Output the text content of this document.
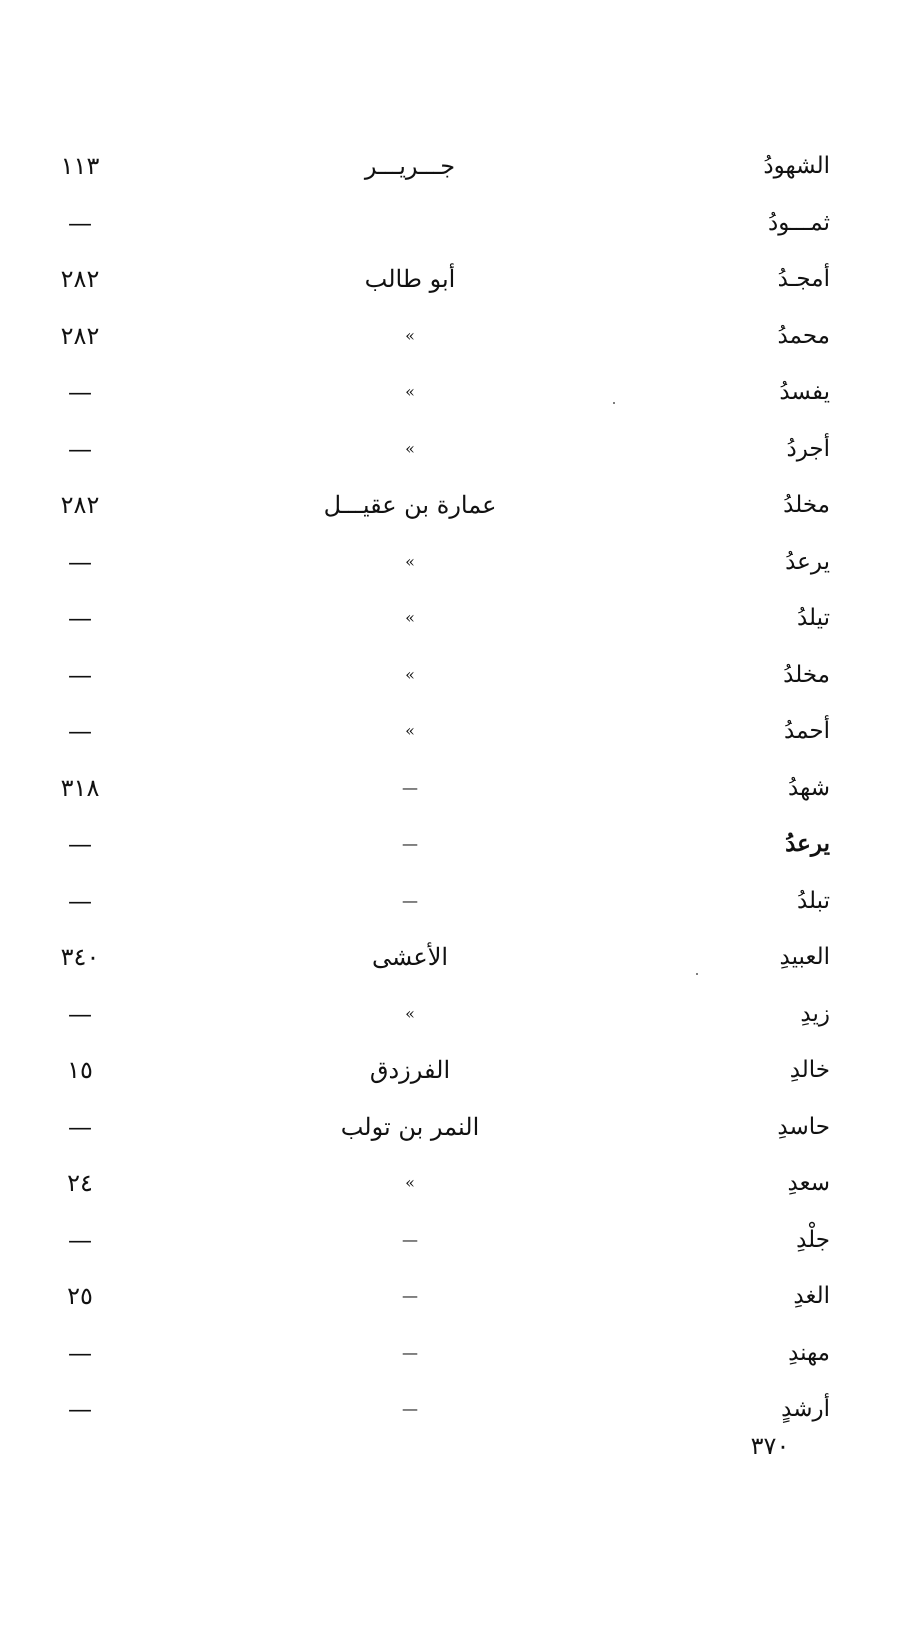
الشهودُ
جـــريـــر
١١٣
ثمـــودُ
—
أمجـدُ
أبو طالب
٢٨٢
محمدُ
»
٢٨٢
يفسدُ
»
—
أجردُ
»
—
مخلدُ
عمارة بن عقيـــل
٢٨٢
يرعدُ
»
—
تيلدُ
»
—
مخلدُ
»
—
أحمدُ
»
—
شهدُ
—
٣١٨
يرعدُ
—
—
تبلدُ
—
—
العبيدِ
الأعشى
٣٤٠
زيدِ
»
—
خالدِ
الفرزدق
١٥
حاسدِ
النمر بن تولب
—
سعدِ
»
٢٤
جلْدِ
—
—
الغدِ
—
٢٥
مهندِ
—
—
أرشدٍ
—
—
٣٧٠
